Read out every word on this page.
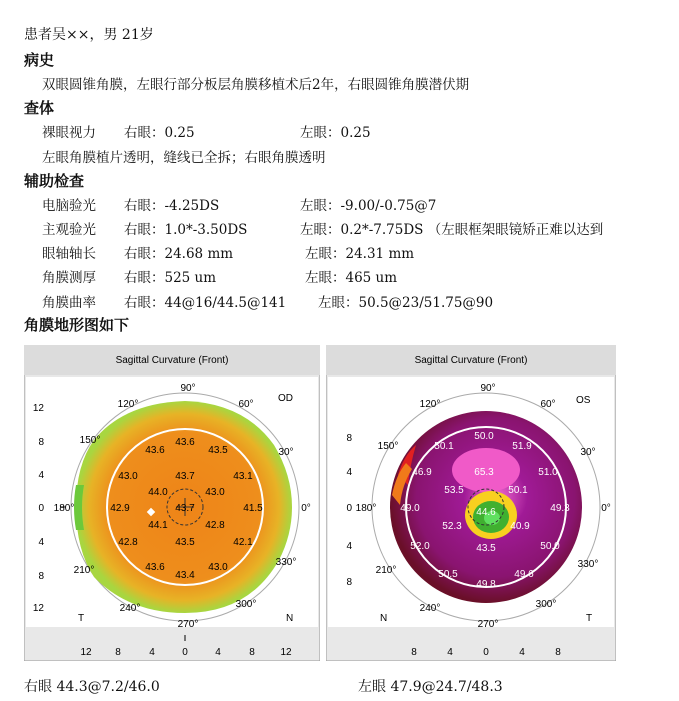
患者吴××，男 21岁
病史
双眼圆锥角膜，左眼行部分板层角膜移植术后2年，右眼圆锥角膜潜伏期
查体
裸眼视力 右眼：0.25	左眼：0.25
左眼角膜植片透明，缝线已全拆；右眼角膜透明
辅助检查
电脑验光 右眼：-4.25DS	左眼：-9.00/-0.75@7
主观验光 右眼：1.0*-3.50DS	左眼：0.2*-7.75DS （左眼框架眼镜矫正难以达到
眼轴轴长 右眼：24.68 mm	左眼：24.31 mm
角膜测厚 右眼：525 um	左眼：465 um
角膜曲率 右眼：44@16/44.5@141 左眼：50.5@23/51.75@90
角膜地形图如下
Sagittal Curvature (Front)
90°
120°	60°
150°
30°
180°	0°
210°
330°
240°	300°
270°
OD
T	N
43.6
43.6
43.5
43.0	43.7	43.1
44.0	43.0
42.9	43.7	41.5
44.1	42.8
42.8	43.5	42.1
43.6	43.0
43.4
12
8
4
0
4
8
12
12 8	4	0	4	8	12
Sagittal Curvature (Front)
90°
120°	60°
150°
30°
180°	0°
210°
330°
240°	300°
270°
OS
N	T
50.1
50.0
51.9
46.9	65.3	51.0
53.5	50.1
49.0	49.3
52.3
44.6
40.9
52.0	43.5	50.0
50.5
49.8
49.6
8
4
0
4
8
8	4	0	4	8
右眼 44.3@7.2/46.0	左眼 47.9@24.7/48.3
